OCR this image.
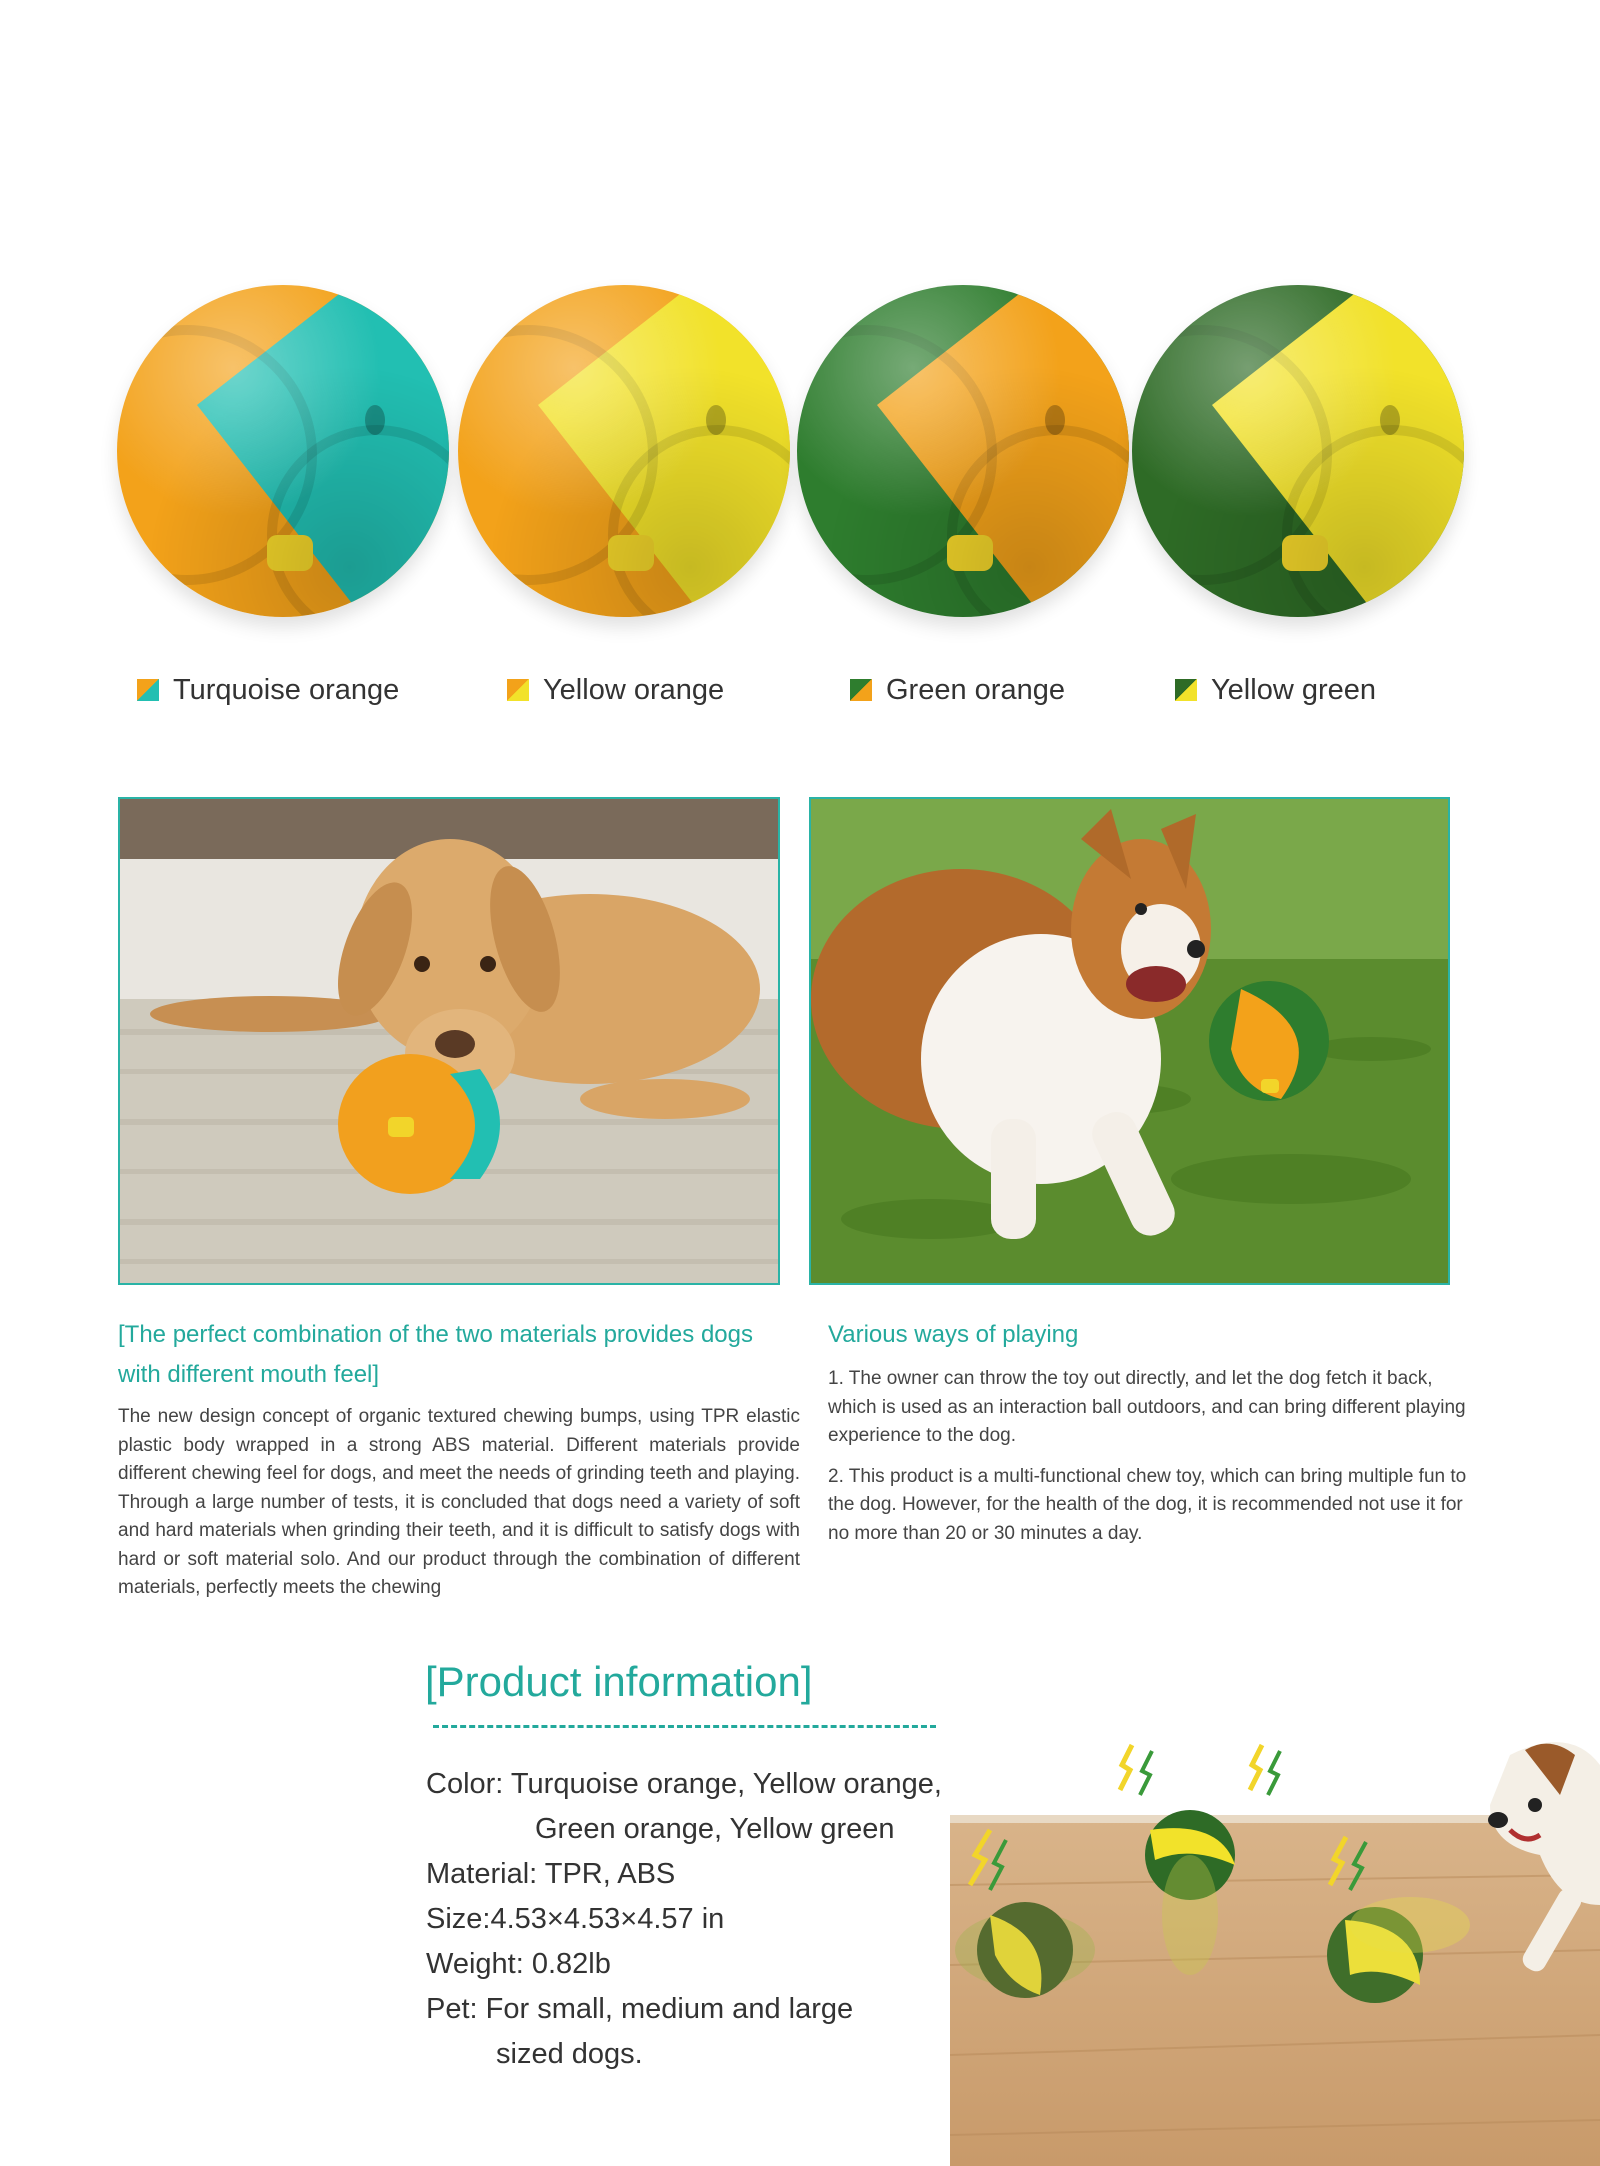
Turquoise orange	Yellow orange	Green orange	Yellow green
[The perfect combination of the two materials provides dogs with different mouth feel]
The new design concept of organic textured chewing bumps, using TPR elastic plastic body wrapped in a strong ABS material. Different materials provide different chewing feel for dogs, and meet the needs of grinding teeth and playing. Through a large number of tests, it is concluded that dogs need a variety of soft and hard materials when grinding their teeth, and it is difficult to satisfy dogs with hard or soft material solo. And our product through the combination of different materials, perfectly meets the chewing
Various ways of playing

1. The owner can throw the toy out directly, and let the dog fetch it back, which is used as an interaction ball outdoors, and can bring different playing experience to the dog.

2. This product is a multi-functional chew toy, which can bring multiple fun to the dog. However, for the health of the dog, it is recommended not use it for no more than 20 or 30 minutes a day.

[Product information]
Color: Turquoise orange, Yellow orange,
Green orange, Yellow green
Material: TPR, ABS
Size:4.53×4.53×4.57 in
Weight: 0.82lb
Pet: For small, medium and large
sized dogs.
